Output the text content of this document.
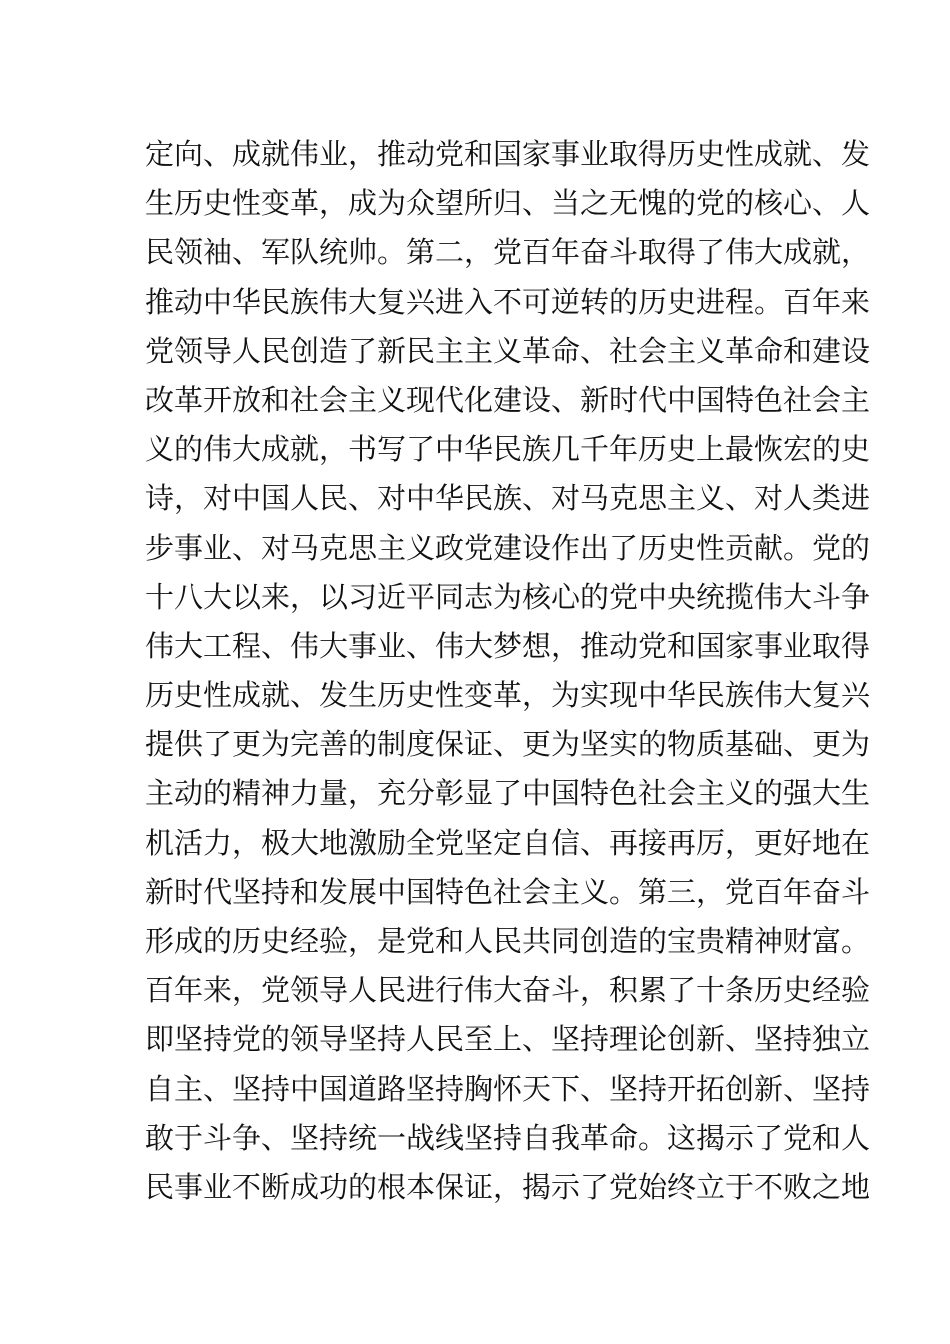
定向、成就伟业，推动党和国家事业取得历史性成就、发
生历史性变革，成为众望所归、当之无愧的党的核心、人
民领袖、军队统帅。第二，党百年奋斗取得了伟大成就，
推动中华民族伟大复兴进入不可逆转的历史进程。百年来
党领导人民创造了新民主主义革命、社会主义革命和建设
改革开放和社会主义现代化建设、新时代中国特色社会主
义的伟大成就，书写了中华民族几千年历史上最恢宏的史
诗，对中国人民、对中华民族、对马克思主义、对人类进
步事业、对马克思主义政党建设作出了历史性贡献。党的
十八大以来，以习近平同志为核心的党中央统揽伟大斗争
伟大工程、伟大事业、伟大梦想，推动党和国家事业取得
历史性成就、发生历史性变革，为实现中华民族伟大复兴
提供了更为完善的制度保证、更为坚实的物质基础、更为
主动的精神力量，充分彰显了中国特色社会主义的强大生
机活力，极大地激励全党坚定自信、再接再厉，更好地在
新时代坚持和发展中国特色社会主义。第三，党百年奋斗
形成的历史经验，是党和人民共同创造的宝贵精神财富。
百年来，党领导人民进行伟大奋斗，积累了十条历史经验
即坚持党的领导坚持人民至上、坚持理论创新、坚持独立
自主、坚持中国道路坚持胸怀天下、坚持开拓创新、坚持
敢于斗争、坚持统一战线坚持自我革命。这揭示了党和人
民事业不断成功的根本保证，揭示了党始终立于不败之地
